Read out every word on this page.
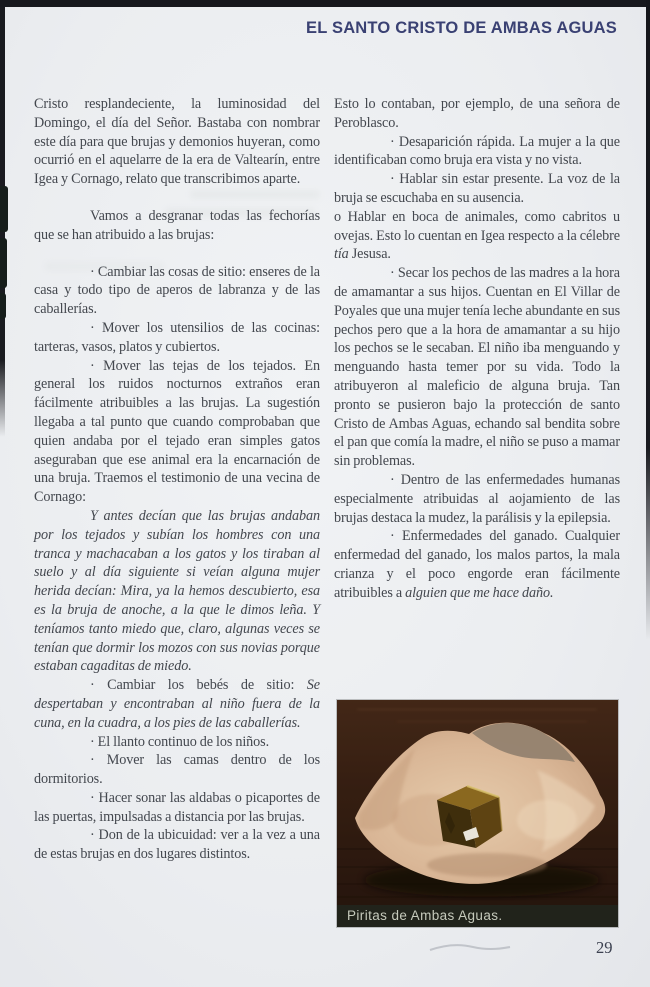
EL SANTO CRISTO DE AMBAS AGUAS

Cristo resplandeciente, la luminosidad del Domingo, el día del Señor. Bastaba con nombrar este día para que brujas y demonios huyeran, como ocurrió en el aquelarre de la era de Valtearín, entre Igea y Cornago, relato que transcribimos aparte.

Vamos a desgranar todas las fechorías que se han atribuido a las brujas:

· Cambiar las cosas de sitio: enseres de la casa y todo tipo de aperos de labranza y de las caballerías.

· Mover los utensilios de las cocinas: tarteras, vasos, platos y cubiertos.

· Mover las tejas de los tejados. En general los ruidos nocturnos extraños eran fácilmente atribuibles a las brujas. La sugestión llegaba a tal punto que cuando comprobaban que quien andaba por el tejado eran simples gatos aseguraban que ese animal era la encarnación de una bruja. Traemos el testimonio de una vecina de Cornago:

Y antes decían que las brujas andaban por los tejados y subían los hombres con una tranca y machacaban a los gatos y los tiraban al suelo y al día siguiente si veían alguna mujer herida decían: Mira, ya la hemos descubierto, esa es la bruja de anoche, a la que le dimos leña. Y teníamos tanto miedo que, claro, algunas veces se tenían que dormir los mozos con sus novias porque estaban cagaditas de miedo.

· Cambiar los bebés de sitio: Se despertaban y encontraban al niño fuera de la cuna, en la cuadra, a los pies de las caballerías.

· El llanto continuo de los niños.

· Mover las camas dentro de los dormitorios.

· Hacer sonar las aldabas o picaportes de las puertas, impulsadas a distancia por las brujas.

· Don de la ubicuidad: ver a la vez a una de estas brujas en dos lugares distintos.

Esto lo contaban, por ejemplo, de una señora de Peroblasco.

· Desaparición rápida. La mujer a la que identificaban como bruja era vista y no vista.

· Hablar sin estar presente. La voz de la bruja se escuchaba en su ausencia.

o Hablar en boca de animales, como cabritos u ovejas. Esto lo cuentan en Igea respecto a la célebre tía Jesusa.

· Secar los pechos de las madres a la hora de amamantar a sus hijos. Cuentan en El Villar de Poyales que una mujer tenía leche abundante en sus pechos pero que a la hora de amamantar a su hijo los pechos se le secaban. El niño iba menguando y menguando hasta temer por su vida. Todo la atribuyeron al maleficio de alguna bruja. Tan pronto se pusieron bajo la protección de santo Cristo de Ambas Aguas, echando sal bendita sobre el pan que comía la madre, el niño se puso a mamar sin problemas.

· Dentro de las enfermedades humanas especialmente atribuidas al aojamiento de las brujas destaca la mudez, la parálisis y la epilepsia.

· Enfermedades del ganado. Cualquier enfermedad del ganado, los malos partos, la mala crianza y el poco engorde eran fácilmente atribuibles a alguien que me hace daño.

Piritas de Ambas Aguas.
29
